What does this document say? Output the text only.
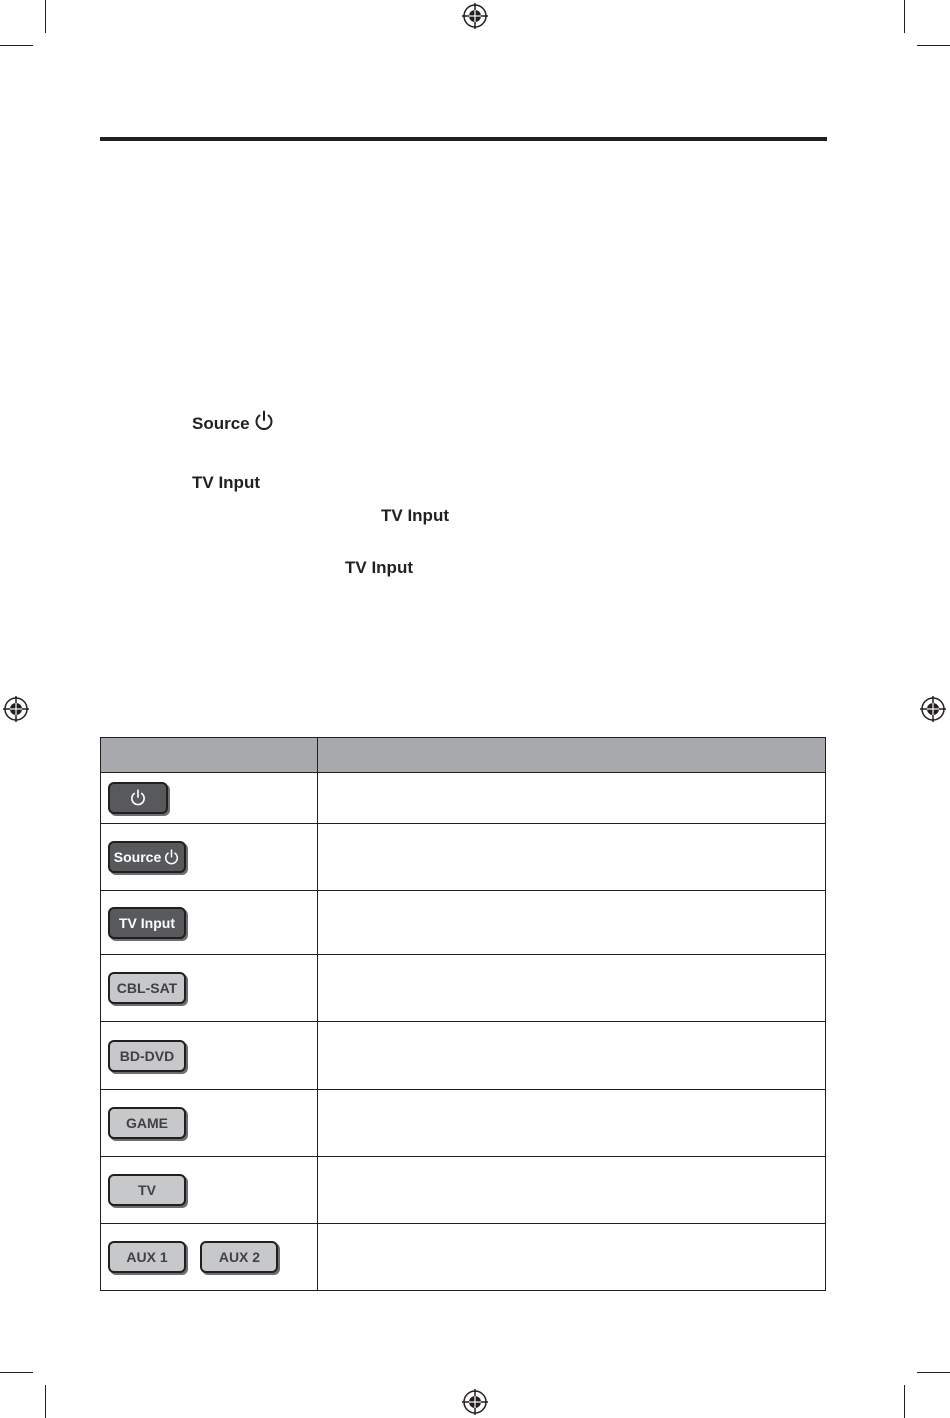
Source
TV Input
TV Input
TV Input

Source	

TV Input	
CBL-SAT	
BD-DVD	
GAME	
TV	
AUX 1 AUX 2	
